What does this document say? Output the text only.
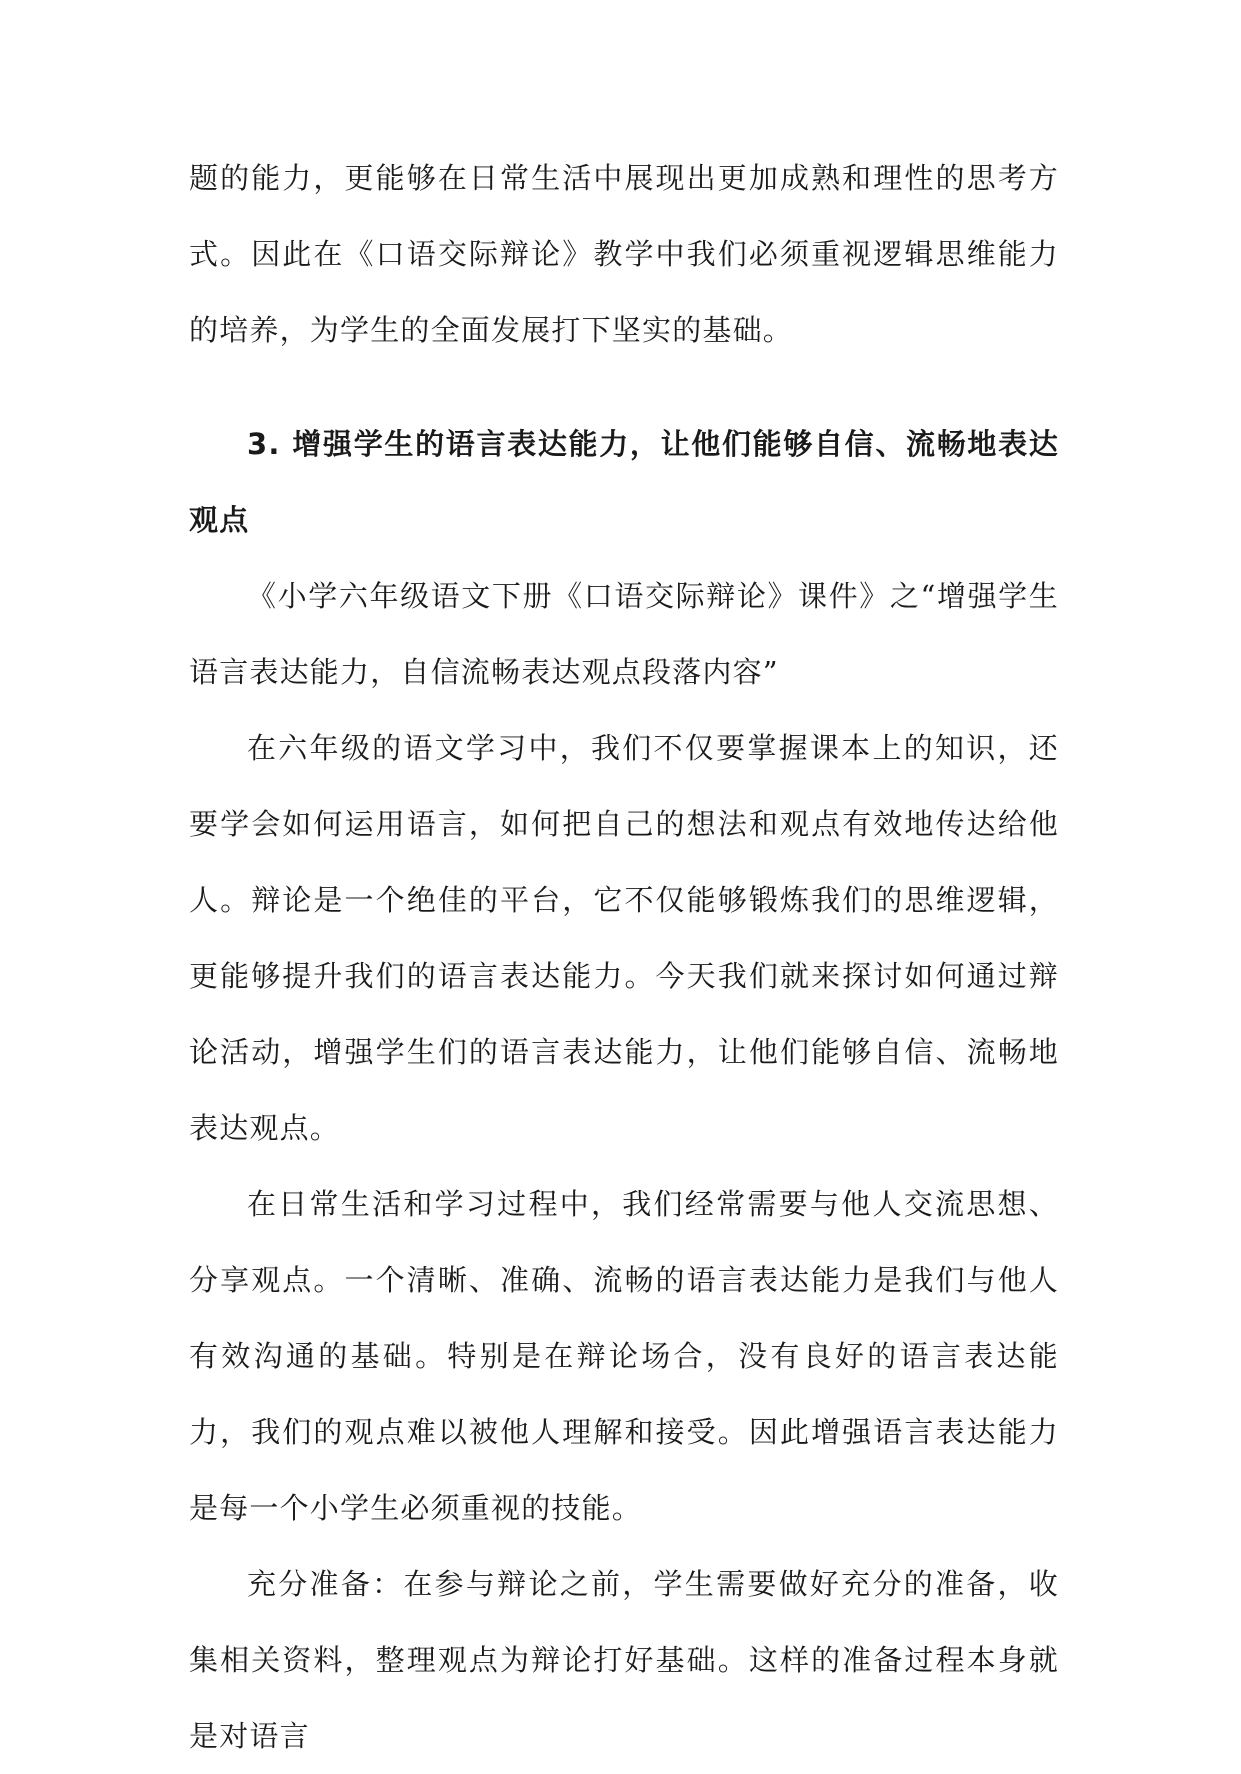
题的能力，更能够在日常生活中展现出更加成熟和理性的思考方式。因此在《口语交际辩论》教学中我们必须重视逻辑思维能力的培养，为学生的全面发展打下坚实的基础。

3. 增强学生的语言表达能力，让他们能够自信、流畅地表达观点

《小学六年级语文下册《口语交际辩论》课件》之“增强学生语言表达能力，自信流畅表达观点段落内容”

在六年级的语文学习中，我们不仅要掌握课本上的知识，还要学会如何运用语言，如何把自己的想法和观点有效地传达给他人。辩论是一个绝佳的平台，它不仅能够锻炼我们的思维逻辑，更能够提升我们的语言表达能力。今天我们就来探讨如何通过辩论活动，增强学生们的语言表达能力，让他们能够自信、流畅地表达观点。

在日常生活和学习过程中，我们经常需要与他人交流思想、分享观点。一个清晰、准确、流畅的语言表达能力是我们与他人有效沟通的基础。特别是在辩论场合，没有良好的语言表达能力，我们的观点难以被他人理解和接受。因此增强语言表达能力是每一个小学生必须重视的技能。

充分准备：在参与辩论之前，学生需要做好充分的准备，收集相关资料，整理观点为辩论打好基础。这样的准备过程本身就是对语言
